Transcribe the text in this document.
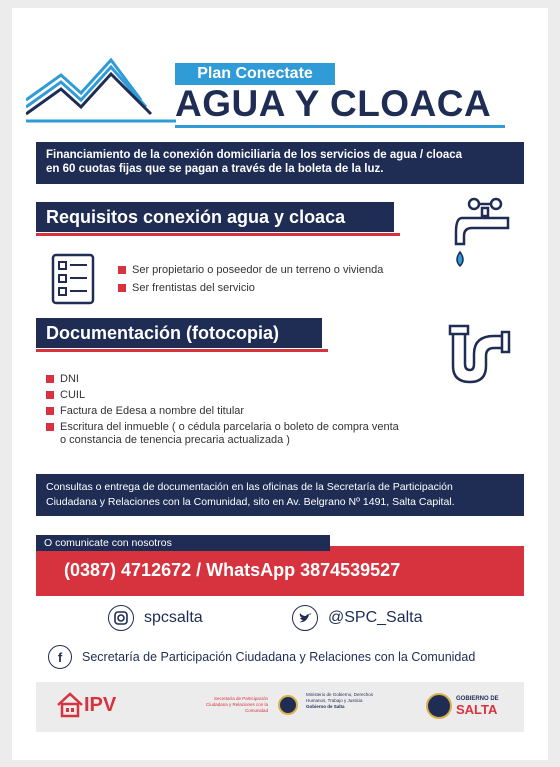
Plan Conectate
AGUA Y CLOACA
Financiamiento de la conexión domiciliaria de los servicios de agua / cloaca
en 60 cuotas fijas que se pagan a través de la boleta de la luz.
Requisitos conexión agua y cloaca
Ser propietario o poseedor de un terreno o vivienda
Ser frentistas del servicio
Documentación (fotocopia)
DNI
CUIL
Factura de Edesa a nombre del titular
Escritura del inmueble ( o cédula parcelaria o boleto de compra venta
o constancia de tenencia precaria actualizada )
Consultas o entrega de documentación en las oficinas de la Secretaría de Participación
Ciudadana y Relaciones con la Comunidad, sito en Av. Belgrano Nº 1491, Salta Capital.
(0387) 4712672 / WhatsApp 3874539527
O comunicate con nosotros
spcsalta	@SPC_Salta
f	Secretaría de Participación Ciudadana y Relaciones con la Comunidad
IPV	Secretaría de Participación Ciudadana y Relaciones con la Comunidad
Ministerio de Gobierno, Derechos Humanos, Trabajo y Justicia
Gobierno de Salta
GOBIERNO DE
SALTA
